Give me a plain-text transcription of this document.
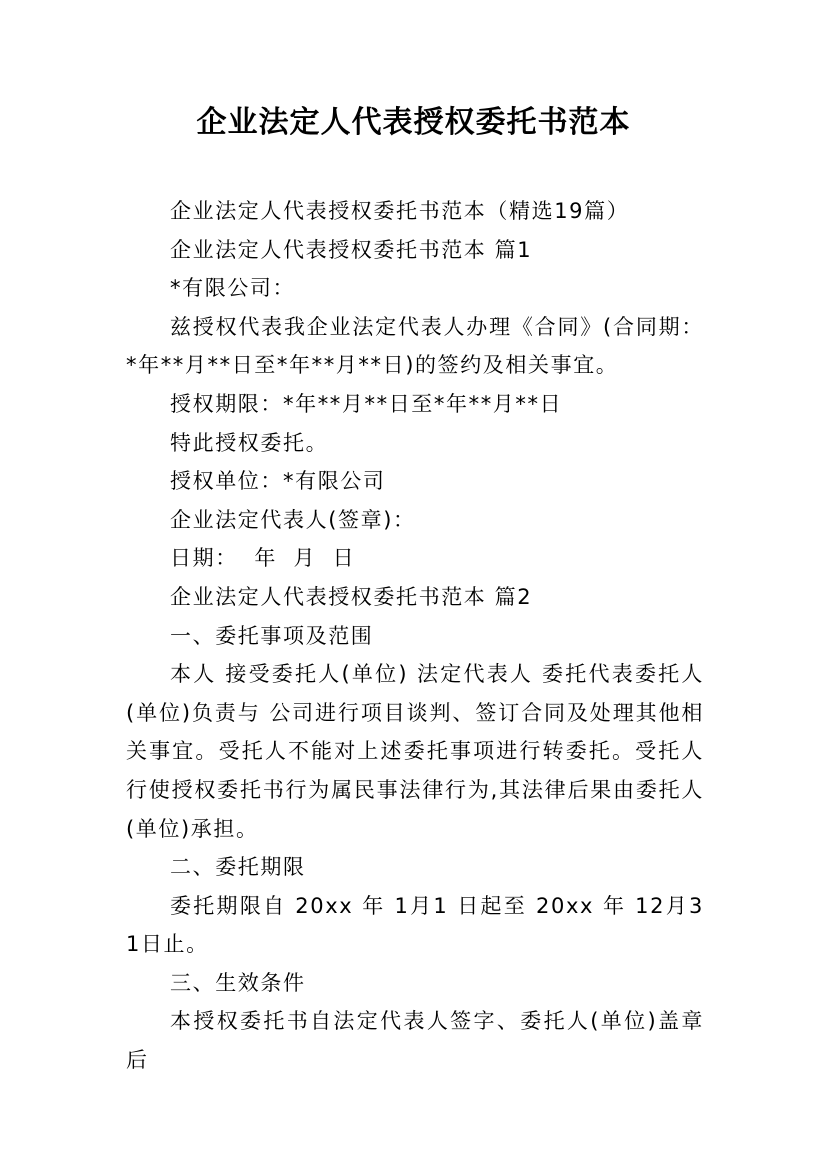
企业法定人代表授权委托书范本

企业法定人代表授权委托书范本（精选19篇）

企业法定人代表授权委托书范本 篇1

*有限公司：

兹授权代表我企业法定代表人办理《合同》(合同期：*年**月**日至*年**月**日)的签约及相关事宜。

授权期限：*年**月**日至*年**月**日

特此授权委托。

授权单位：*有限公司

企业法定代表人(签章)：

日期：  年  月  日

企业法定人代表授权委托书范本 篇2

一、委托事项及范围

本人 接受委托人(单位) 法定代表人 委托代表委托人(单位)负责与 公司进行项目谈判、签订合同及处理其他相关事宜。受托人不能对上述委托事项进行转委托。受托人行使授权委托书行为属民事法律行为,其法律后果由委托人(单位)承担。

二、委托期限

委托期限自 20xx 年 1月1 日起至 20xx 年 12月31日止。

三、生效条件

本授权委托书自法定代表人签字、委托人(单位)盖章后
